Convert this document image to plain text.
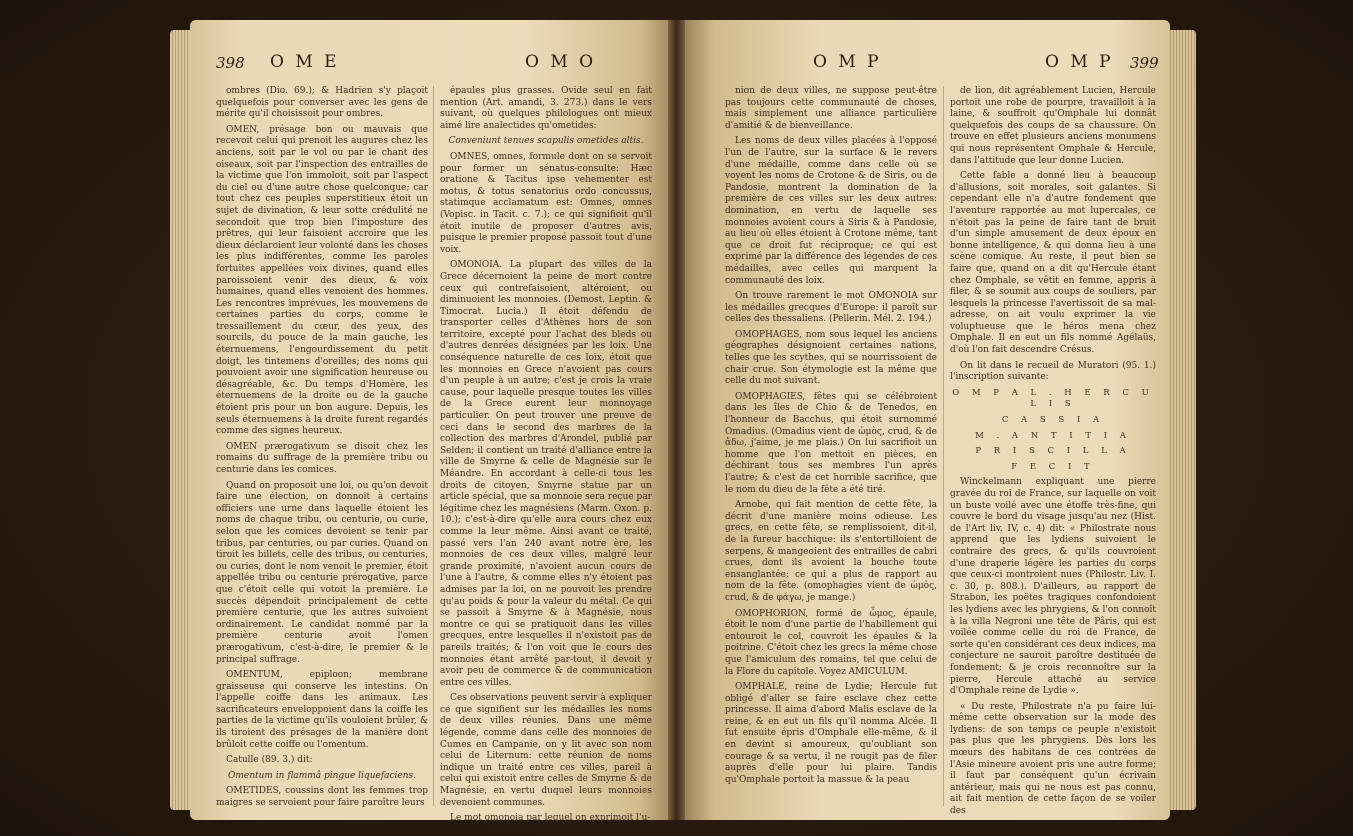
398 O M E	O M O

ombres (Dio. 69.); & Hadrien s'y plaçoit quelquefois pour converser avec les gens de mérite qu'il choisissoit pour ombres.

OMEN, présage bon ou mauvais que recevoit celui qui prenoit les augures chez les anciens, soit par le vol ou par le chant des oiseaux, soit par l'inspection des entrailles de la victime que l'on immoloit, soit par l'aspect du ciel ou d'une autre chose quelconque; car tout chez ces peuples superstitieux étoit un sujet de divination, & leur sotte crédulité ne secondoit que trop bien l'imposture des prêtres, qui leur faisoient accroire que les dieux déclaroient leur volonté dans les choses les plus indifférentes, comme les paroles fortuites appellées voix divines, quand elles paroissoient venir des dieux, & voix humaines, quand elles venoient des hommes. Les rencontres imprévues, les mouvemens de certaines parties du corps, comme le tressaillement du cœur, des yeux, des sourcils, du pouce de la main gauche, les éternuemens, l'engourdissement du petit doigt, les tintemens d'oreilles; des noms qui pouvoient avoir une signification heureuse ou désagréable, &c. Du temps d'Homère, les éternuemens de la droite ou de la gauche étoient pris pour un bon augure. Depuis, les seuls éternuemens à la droite furent regardés comme des signes heureux.

OMEN prærogativum se disoit chez les romains du suffrage de la première tribu ou centurie dans les comices.

Quand on proposoit une loi, ou qu'on devoit faire une élection, on donnoit à certains officiers une urne dans laquelle étoient les noms de chaque tribu, ou centurie, ou curie, selon que les comices devoient se tenir par tribus, par centuries, ou par curies. Quand on tiroit les billets, celle des tribus, ou centuries, ou curies, dont le nom venoit le premier, étoit appellée tribu ou centurie prérogative, parce que c'étoit celle qui votoit la première. Le succès dépendoit principalement de cette première centurie, que les autres suivoient ordinairement. Le candidat nommé par la première centurie avoit l'omen prærogativum, c'est-à-dire, le premier & le principal suffrage.

OMENTUM, epiploon; membrane graisseuse qui conserve les intestins. On l'appelle coiffe dans les animaux. Les sacrificateurs enveloppoient dans la coiffe les parties de la victime qu'ils vouloient brûler, & ils tiroient des présages de la manière dont brûloit cette coiffe ou l'omentum.

Catulle (89. 3.) dit:

Omentum in flammâ pingue liquefaciens.

OMETIDES, coussins dont les femmes trop maigres se servoient pour faire paroître leurs

épaules plus grasses. Ovide seul en fait mention (Art. amandi, 3. 273.) dans le vers suivant, où quelques philologues ont mieux aimé lire analectides qu'ometides:

Conveniunt tenues scapulis ometides altis.

OMNES, omnes, formule dont on se servoit pour former un sénatus-consulte: Hæc oratione & Tacitus ipse vehementer est motus, & totus senatorius ordo concussus, statimque acclamatum est: Omnes, omnes (Vopisc. in Tacit. c. 7.); ce qui signifioit qu'il étoit inutile de proposer d'autres avis, puisque le premier proposé passoit tout d'une voix.

OMONOIA. La plupart des villes de la Grece décernoient la peine de mort contre ceux qui contrefaisoient, altéroient, ou diminuoient les monnoies. (Demost. Leptin. & Timocrat. Lucia.) Il étoit défendu de transporter celles d'Athènes hors de son territoire, excepté pour l'achat des bleds ou d'autres denrées désignées par les loix. Une conséquence naturelle de ces loix, étoit que les monnoies en Grece n'avoient pas cours d'un peuple à un autre; c'est je crois la vraie cause, pour laquelle presque toutes les villes de la Grece eurent leur monnoyage particulier. On peut trouver une preuve de ceci dans le second des marbres de la collection des marbres d'Arondel, publié par Selden; il contient un traité d'alliance entre la ville de Smyrne & celle de Magnésie sur le Méandre. En accordant à celle-ci tous les droits de citoyen, Smyrne statue par un article spécial, que sa monnoie sera reçue par légitime chez les magnésiens (Marm. Oxon. p. 10.); c'est-à-dire qu'elle aura cours chez eux comme la leur même. Ainsi avant ce traité, passé vers l'an 240 avant notre ère, les monnoies de ces deux villes, malgré leur grande proximité, n'avoient aucun cours de l'une à l'autre, & comme elles n'y étoient pas admises par la loi, on ne pouvoit les prendre qu'au poids & pour la valeur du métal. Ce qui se passoit à Smyrne & à Magnésie, nous montre ce qui se pratiquoit dans les villes grecques, entre lesquelles il n'existoit pas de pareils traités; & l'on voit que le cours des monnoies étant arrêté par-tout, il devoit y avoir peu de commerce & de communication entre ces villes.

Ces observations peuvent servir à expliquer ce que signifient sur les médailles les noms de deux villes réunies. Dans une même légende, comme dans celle des monnoies de Cumes en Campanie, on y lit avec son nom celui de Liternum: cette réunion de noms indique un traité entre ces villes, pareil à celui qui existoit entre celles de Smyrne & de Magnésie, en vertu duquel leurs monnoies devenoient communes.

Le mot omonoia par lequel on exprimoit l'u-

O M P	O M P 399

nion de deux villes, ne suppose peut-être pas toujours cette communauté de choses, mais simplement une alliance particulière d'amitié & de bienveillance.

Les noms de deux villes placées à l'opposé l'un de l'autre, sur la surface & le revers d'une médaille, comme dans celle où se voyent les noms de Crotone & de Siris, ou de Pandosie, montrent la domination de la première de ces villes sur les deux autres: domination, en vertu de laquelle ses monnoies avoient cours à Siris & à Pandosie, au lieu où elles étoient à Crotone même, tant que ce droit fut réciproque; ce qui est exprimé par la différence des légendes de ces médailles, avec celles qui marquent la communauté des loix.

On trouve rarement le mot OMONOIA sur les médailles grecques d'Europe: il paroît sur celles des thessaliens. (Pellerin. Mél. 2. 194.)

OMOPHAGES, nom sous lequel les anciens géographes désignoient certaines nations, telles que les scythes, qui se nourrissoient de chair crue. Son étymologie est la même que celle du mot suivant.

OMOPHAGIES, fêtes qui se célébroient dans les îles de Chio & de Tenedos, en l'honneur de Bacchus, qui étoit surnommé Omadius. (Omadius vient de ὠμὸς, crud, & de ἄδω, j'aime, je me plais.) On lui sacrifioit un homme que l'on mettoit en pièces, en déchirant tous ses membres l'un après l'autre; & c'est de cet horrible sacrifice, que le nom du dieu de la fête a été tiré.

Arnobe, qui fait mention de cette fête, la décrit d'une manière moins odieuse. Les grecs, en cette fête, se remplissoient, dit-il, de la fureur bacchique: ils s'entortilloient de serpens, & mangeoient des entrailles de cabri crues, dont ils avoient la bouche toute ensanglantée; ce qui a plus de rapport au nom de la fête. (omophagies vient de ὠμὸς, crud, & de φάγω, je mange.)

OMOPHORION, formé de ὦμος, épaule, étoit le nom d'une partie de l'habillement qui entouroit le col, couvroit les épaules & la poitrine. C'étoit chez les grecs la même chose que l'amiculum des romains, tel que celui de la Flore du capitole. Voyez AMICULUM.

OMPHALE, reine de Lydie; Hercule fut obligé d'aller se faire esclave chez cette princesse. Il aima d'abord Malis esclave de la reine, & en eut un fils qu'il nomma Alcée. Il fut ensuite épris d'Omphale elle-même, & il en devint si amoureux, qu'oubliant son courage & sa vertu, il ne rougit pas de filer auprès d'elle pour lui plaire. Tandis qu'Omphale portoit la massue & la peau

de lion, dit agréablement Lucien, Hercule portoit une robe de pourpre, travailloit à la laine, & souffroit qu'Omphale lui donnât quelquefois des coups de sa chaussure. On trouve en effet plusieurs anciens monumens qui nous représentent Omphale & Hercule, dans l'attitude que leur donne Lucien.

Cette fable a donné lieu à beaucoup d'allusions, soit morales, soit galantes. Si cependant elle n'a d'autre fondement que l'aventure rapportée au mot lupercales, ce n'étoit pas la peine de faire tant de bruit d'un simple amusement de deux époux en bonne intelligence, & qui donna lieu à une scène comique. Au reste, il peut bien se faire que, quand on a dit qu'Hercule étant chez Omphale, se vêtit en femme, appris à filer, & se soumit aux coups de souliers, par lesquels la princesse l'avertissoit de sa mal-adresse, on ait voulu exprimer la vie voluptueuse que le héros mena chez Omphale. Il en eut un fils nommé Agélaüs, d'où l'on fait descendre Crésus.

On lit dans le recueil de Muratori (95. 1.) l'inscription suivante:

O M P A L . H E R C U L I S
C A S S I A
M . A N T I T I A
P R I S C I L L A
F E C I T

Winckelmann expliquant une pierre gravée du roi de France, sur laquelle on voit un buste voilé avec une étoffe très-fine, qui couvre le bord du visage jusqu'au nez (Hist. de l'Art liv. IV, c. 4) dit: « Philostrate nous apprend que les lydiens suivoient le contraire des grecs, & qu'ils couvroient d'une draperie légère les parties du corps que ceux-ci montroient nues (Philostr. Liv. I. c. 30, p. 808.). D'ailleurs, au rapport de Strabon, les poëtes tragiques confondoient les lydiens avec les phrygiens, & l'on connoît à la villa Negroni une tête de Pâris, qui est voilée comme celle du roi de France, de sorte qu'en considérant ces deux indices, ma conjecture ne sauroit paroître destituée de fondement; & je crois reconnoître sur la pierre, Hercule attaché au service d'Omphale reine de Lydie ».

« Du reste, Philostrate n'a pu faire lui-même cette observation sur la mode des lydiens: de son temps ce peuple n'existoit pas plus que les phrygiens. Dès lors les mœurs des habitans de ces contrées de l'Asie mineure avoient pris une autre forme; il faut par conséquent qu'un écrivain antérieur, mais qui ne nous est pas connu, ait fait mention de cette façon de se voiler des
